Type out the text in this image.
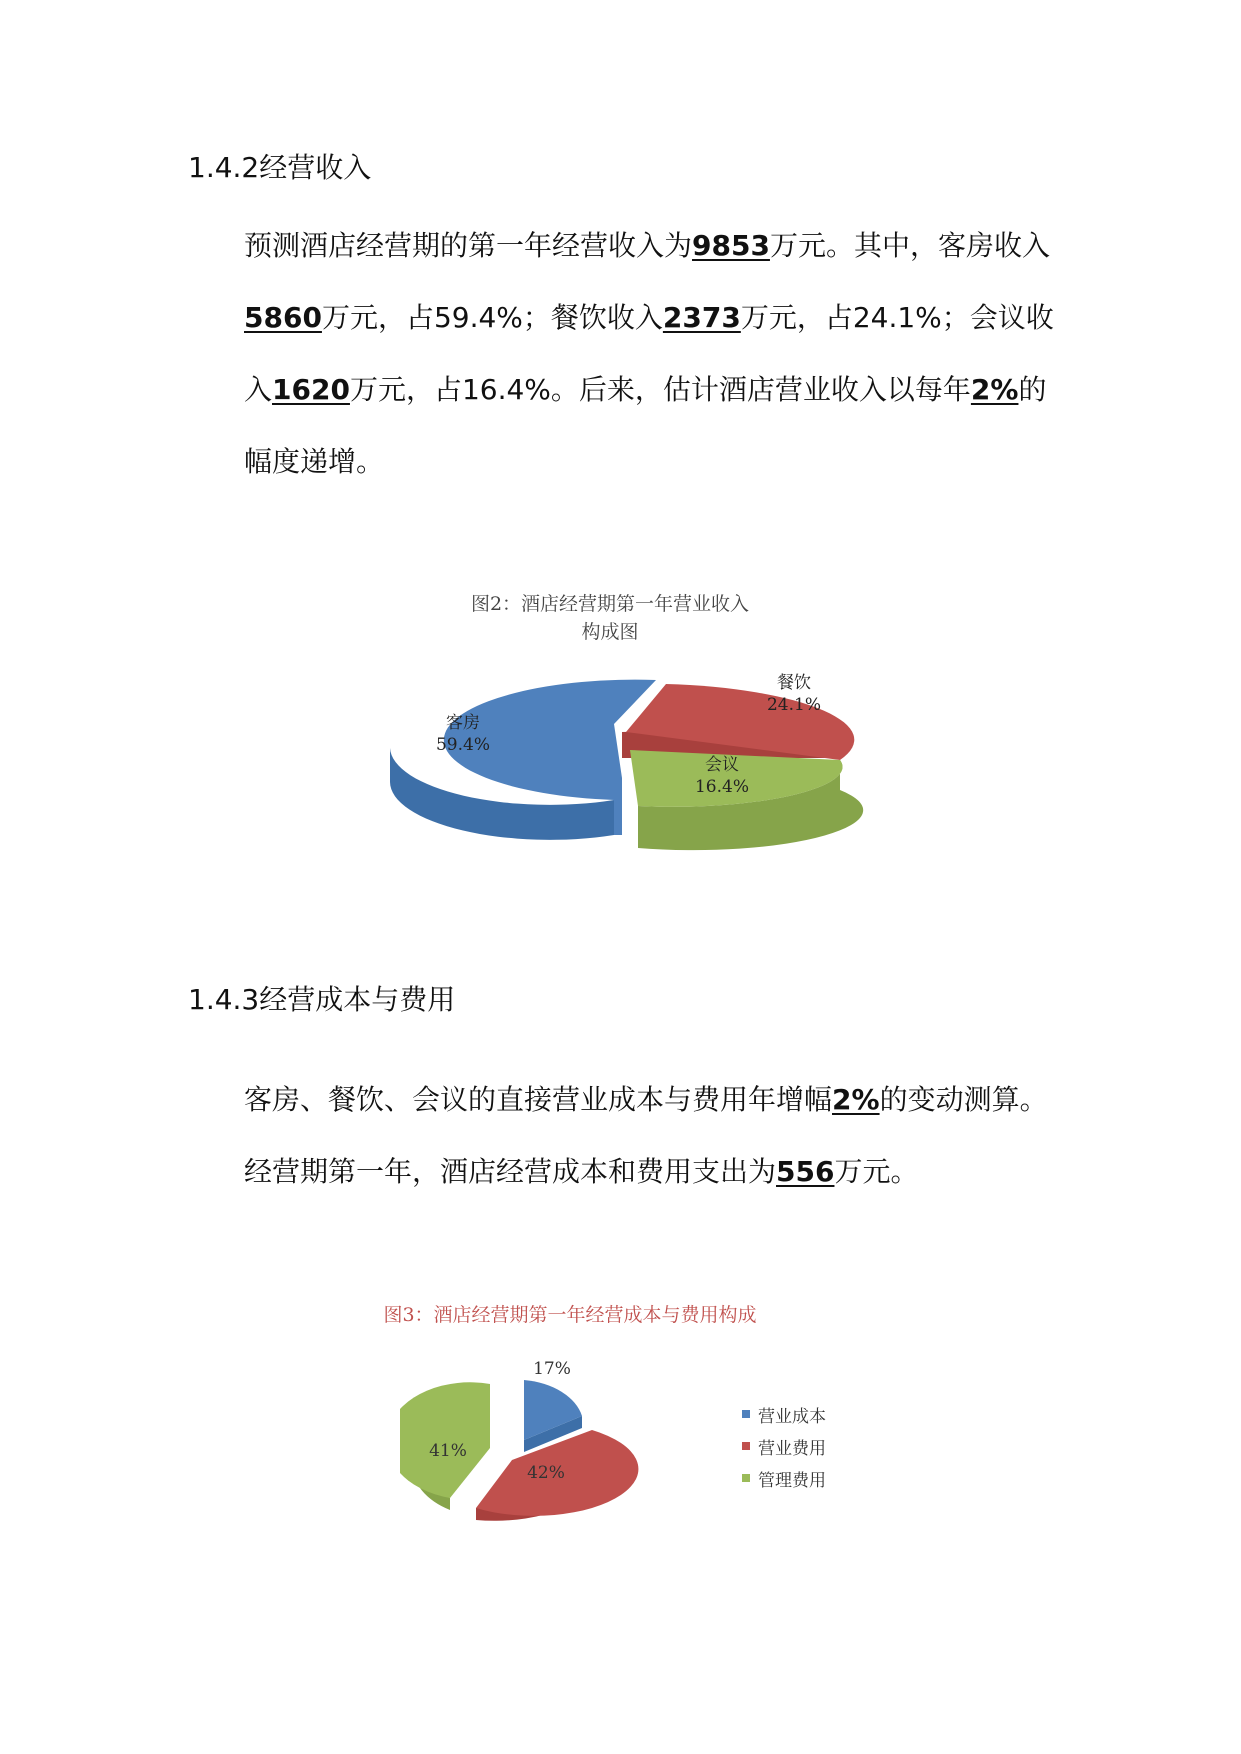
1.4.2经营收入

预测酒店经营期的第一年经营收入为9853万元。其中，客房收入5860万元，占59.4%；餐饮收入2373万元，占24.1%；会议收入1620万元，占16.4%。后来，估计酒店营业收入以每年2%的幅度递增。

图2：酒店经营期第一年营业收入
构成图
客房
59.4%
餐饮
24.1%
会议
16.4%
1.4.3经营成本与费用

客房、餐饮、会议的直接营业成本与费用年增幅2%的变动测算。经营期第一年，酒店经营成本和费用支出为556万元。

图3：酒店经营期第一年经营成本与费用构成
17%
42%
41%
营业成本
营业费用
管理费用
